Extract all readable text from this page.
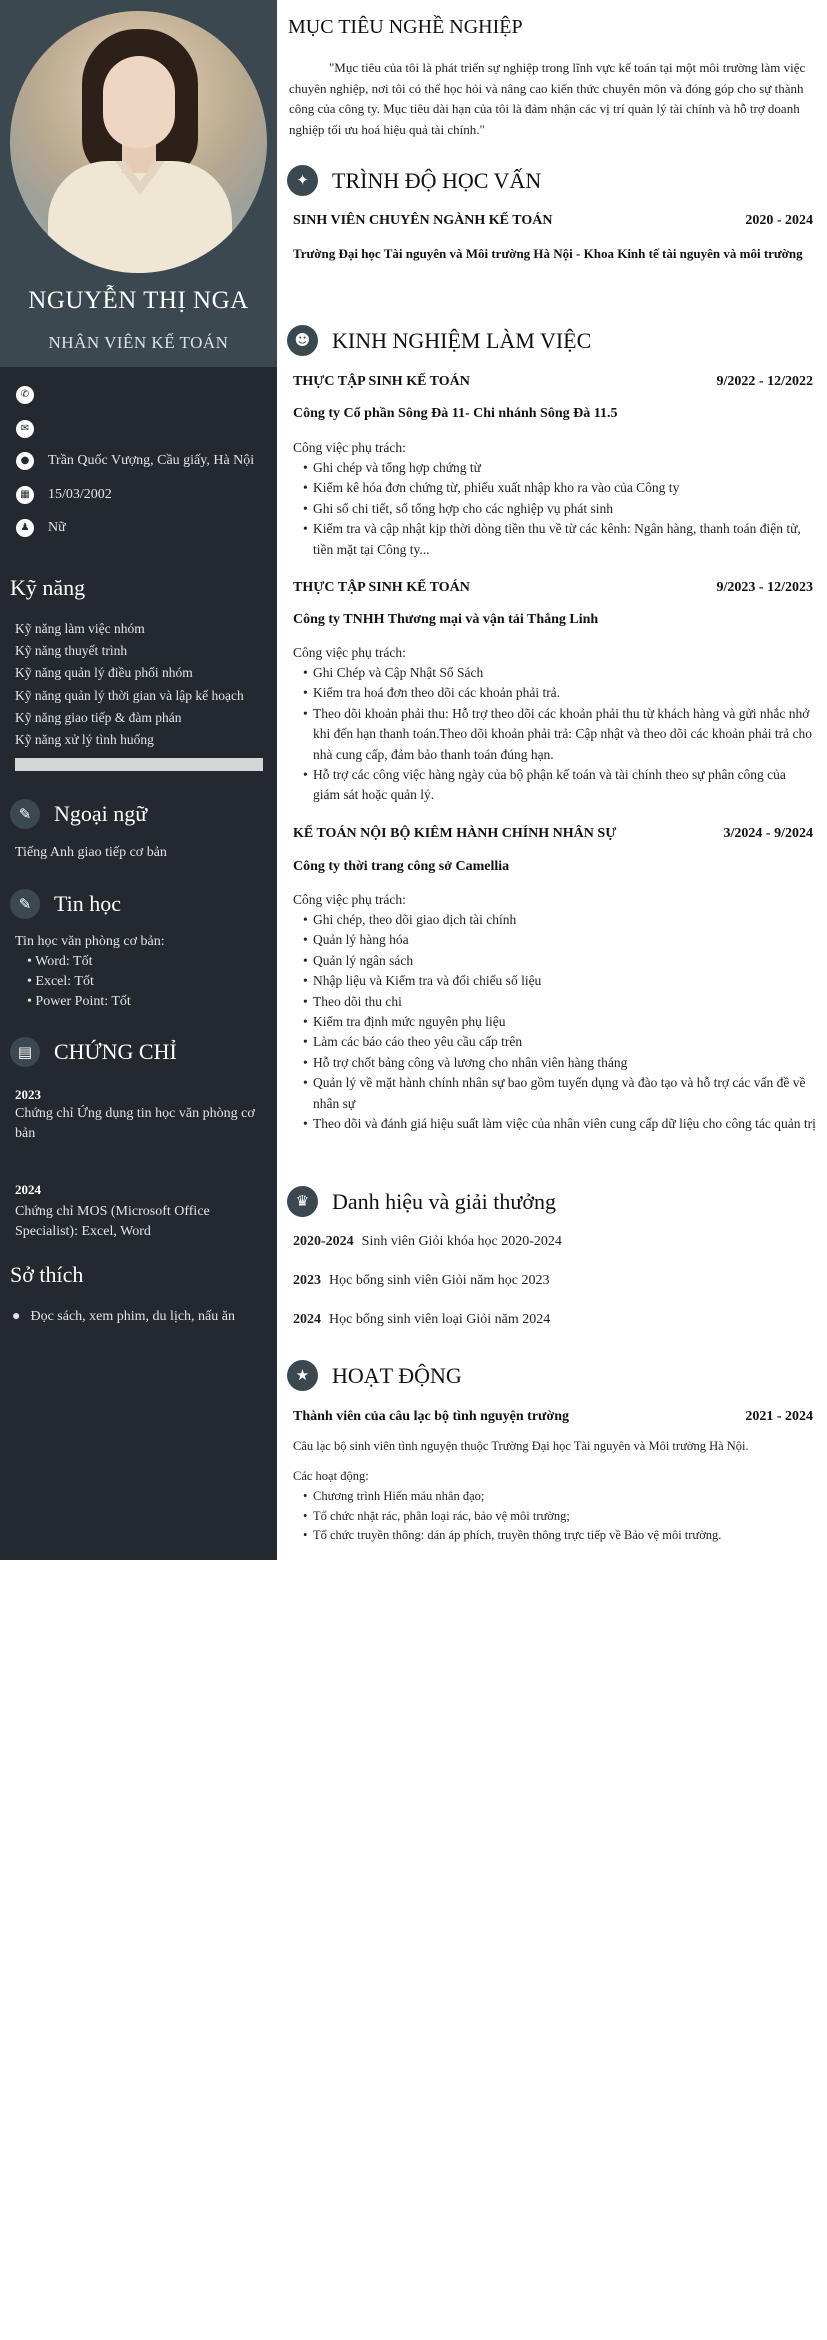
NGUYỄN THỊ NGA
NHÂN VIÊN KẾ TOÁN
✆
✉
●	Trần Quốc Vượng, Cầu giấy, Hà Nội
▦	15/03/2002
♟	Nữ
Kỹ năng
Kỹ năng làm việc nhóm
Kỹ năng thuyết trình
Kỹ năng quản lý điều phối nhóm
Kỹ năng quản lý thời gian và lập kế hoạch
Kỹ năng giao tiếp & đàm phán
Kỹ năng xử lý tình huống
✎	Ngoại ngữ
Tiếng Anh giao tiếp cơ bản
✎	Tin học
Tin học văn phòng cơ bản:
• Word: Tốt
• Excel: Tốt
• Power Point: Tốt
▤ CHỨNG CHỈ
2023
Chứng chỉ Ứng dụng tin học văn phòng cơ bản
2024
Chứng chỉ MOS (Microsoft Office Specialist): Excel, Word
Sở thích
● Đọc sách, xem phim, du lịch, nấu ăn
MỤC TIÊU NGHỀ NGHIỆP
"Mục tiêu của tôi là phát triển sự nghiệp trong lĩnh vực kế toán tại một môi trường làm việc chuyên nghiệp, nơi tôi có thể học hỏi và nâng cao kiến thức chuyên môn và đóng góp cho sự thành công của công ty. Mục tiêu dài hạn của tôi là đảm nhận các vị trí quản lý tài chính và hỗ trợ doanh nghiệp tối ưu hoá hiệu quả tài chính."
✦	TRÌNH ĐỘ HỌC VẤN
SINH VIÊN CHUYÊN NGÀNH KẾ TOÁN	2020 - 2024
Trường Đại học Tài nguyên và Môi trường Hà Nội - Khoa Kinh tế tài nguyên và môi trường
☻ KINH NGHIỆM LÀM VIỆC
THỰC TẬP SINH KẾ TOÁN	9/2022 - 12/2022
Công ty Cổ phần Sông Đà 11- Chi nhánh Sông Đà 11.5
Công việc phụ trách:
• Ghi chép và tổng hợp chứng từ
• Kiểm kê hóa đơn chứng từ, phiếu xuất nhập kho ra vào của Công ty
• Ghi sổ chi tiết, sổ tổng hợp cho các nghiệp vụ phát sinh
• Kiểm tra và cập nhật kịp thời dòng tiền thu về từ các kênh: Ngân hàng, thanh toán điện tử, tiền mặt tại Công ty...
THỰC TẬP SINH KẾ TOÁN	9/2023 - 12/2023
Công ty TNHH Thương mại và vận tải Thắng Linh
Công việc phụ trách:
• Ghi Chép và Cập Nhật Sổ Sách
• Kiểm tra hoá đơn theo dõi các khoản phải trả.
• Theo dõi khoản phải thu: Hỗ trợ theo dõi các khoản phải thu từ khách hàng và gửi nhắc nhở khi đến hạn thanh toán.Theo dõi khoản phải trả: Cập nhật và theo dõi các khoản phải trả cho nhà cung cấp, đảm bảo thanh toán đúng hạn.
• Hỗ trợ các công việc hàng ngày của bộ phận kế toán và tài chính theo sự phân công của giám sát hoặc quản lý.
KẾ TOÁN NỘI BỘ KIÊM HÀNH CHÍNH NHÂN SỰ	3/2024 - 9/2024
Công ty thời trang công sở Camellia
Công việc phụ trách:
• Ghi chép, theo dõi giao dịch tài chính
• Quản lý hàng hóa
• Quản lý ngân sách
• Nhập liệu và Kiểm tra và đối chiếu số liệu
• Theo dõi thu chi
• Kiểm tra định mức nguyên phụ liệu
• Làm các báo cáo theo yêu cầu cấp trên
• Hỗ trợ chốt bảng công và lương cho nhân viên hàng tháng
• Quản lý về mặt hành chính nhân sự bao gồm tuyển dụng và đào tạo và hỗ trợ các vấn đề về nhân sự
• Theo dõi và đánh giá hiệu suất làm việc của nhân viên cung cấp dữ liệu cho công tác quản trị
♛	Danh hiệu và giải thưởng
2020-2024 Sinh viên Giỏi khóa học 2020-2024
2023 Học bổng sinh viên Giỏi năm học 2023
2024 Học bổng sinh viên loại Giỏi năm 2024
★	HOẠT ĐỘNG
Thành viên của câu lạc bộ tình nguyện trường	2021 - 2024
Câu lạc bộ sinh viên tình nguyện thuộc Trường Đại học Tài nguyên và Môi trường Hà Nội.
Các hoạt động:
• Chương trình Hiến máu nhân đạo;
• Tổ chức nhặt rác, phân loại rác, bảo vệ môi trường;
• Tổ chức truyền thông: dán áp phích, truyền thông trực tiếp về Bảo vệ môi trường.
